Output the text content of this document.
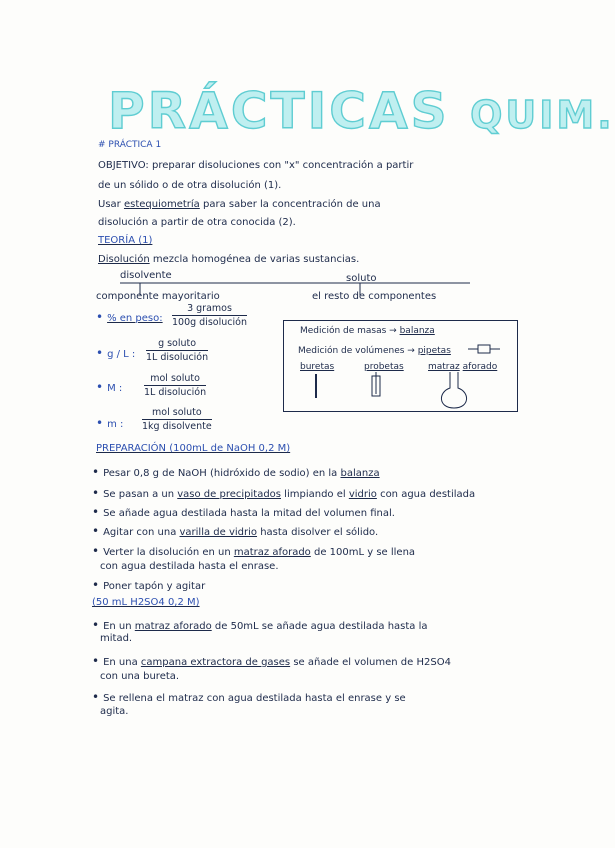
PRÁCTICAS QUIM.
# PRÁCTICA 1
OBJETIVO: preparar disoluciones con "x" concentración a partir
de un sólido o de otra disolución (1).
Usar estequiometría para saber la concentración de una
disolución a partir de otra conocida (2).
TEORÍA (1)
Disolución mezcla homogénea de varias sustancias.
disolvente	soluto
componente mayoritario	el resto de componentes
• % en peso:
3 gramos
100g disolución
• g / L :
g soluto
1L disolución
• M :
mol soluto
1L disolución
• m :
mol soluto
1kg disolvente
Medición de masas → balanza
Medición de volúmenes → pipetas
buretas	probetas	matraz aforado
PREPARACIÓN (100mL de NaOH 0,2 M)
• Pesar 0,8 g de NaOH (hidróxido de sodio) en la balanza
• Se pasan a un vaso de precipitados limpiando el vidrio con agua destilada
• Se añade agua destilada hasta la mitad del volumen final.
• Agitar con una varilla de vidrio hasta disolver el sólido.
• Verter la disolución en un matraz aforado de 100mL y se llena
con agua destilada hasta el enrase.
• Poner tapón y agitar
(50 mL H2SO4 0,2 M)
• En un matraz aforado de 50mL se añade agua destilada hasta la
mitad.
• En una campana extractora de gases se añade el volumen de H2SO4
con una bureta.
• Se rellena el matraz con agua destilada hasta el enrase y se
agita.
